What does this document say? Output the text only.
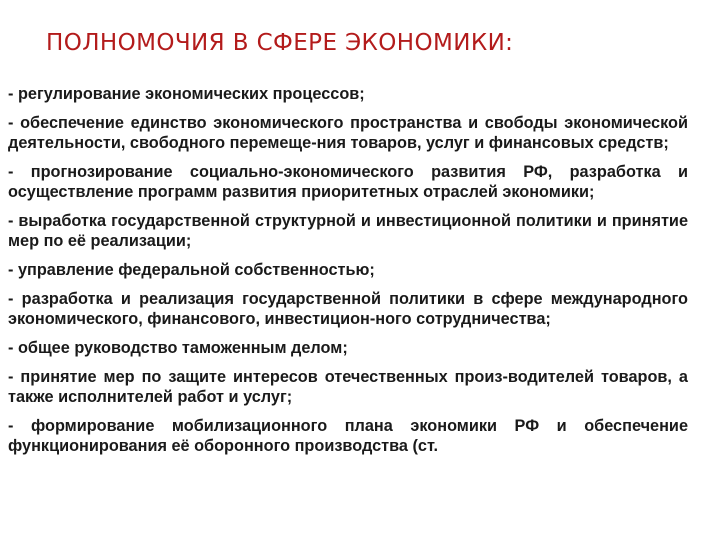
ПОЛНОМОЧИЯ В СФЕРЕ ЭКОНОМИКИ:
- регулирование экономических процессов;
- обеспечение единство экономического пространства и свободы экономической деятельности, свободного перемеще-ния товаров, услуг и финансовых средств;
- прогнозирование социально-экономического развития РФ, разработка и осуществление программ развития приоритетных отраслей экономики;
- выработка государственной структурной и инвестиционной политики и принятие мер по её реализации;
- управление федеральной собственностью;
- разработка и реализация государственной политики в сфере международного экономического, финансового, инвестицион-ного сотрудничества;
- общее руководство таможенным делом;
- принятие мер по защите интересов отечественных произ-водителей товаров, а также исполнителей работ и услуг;
- формирование мобилизационного плана экономики РФ и обеспечение функционирования её оборонного производства (ст.
